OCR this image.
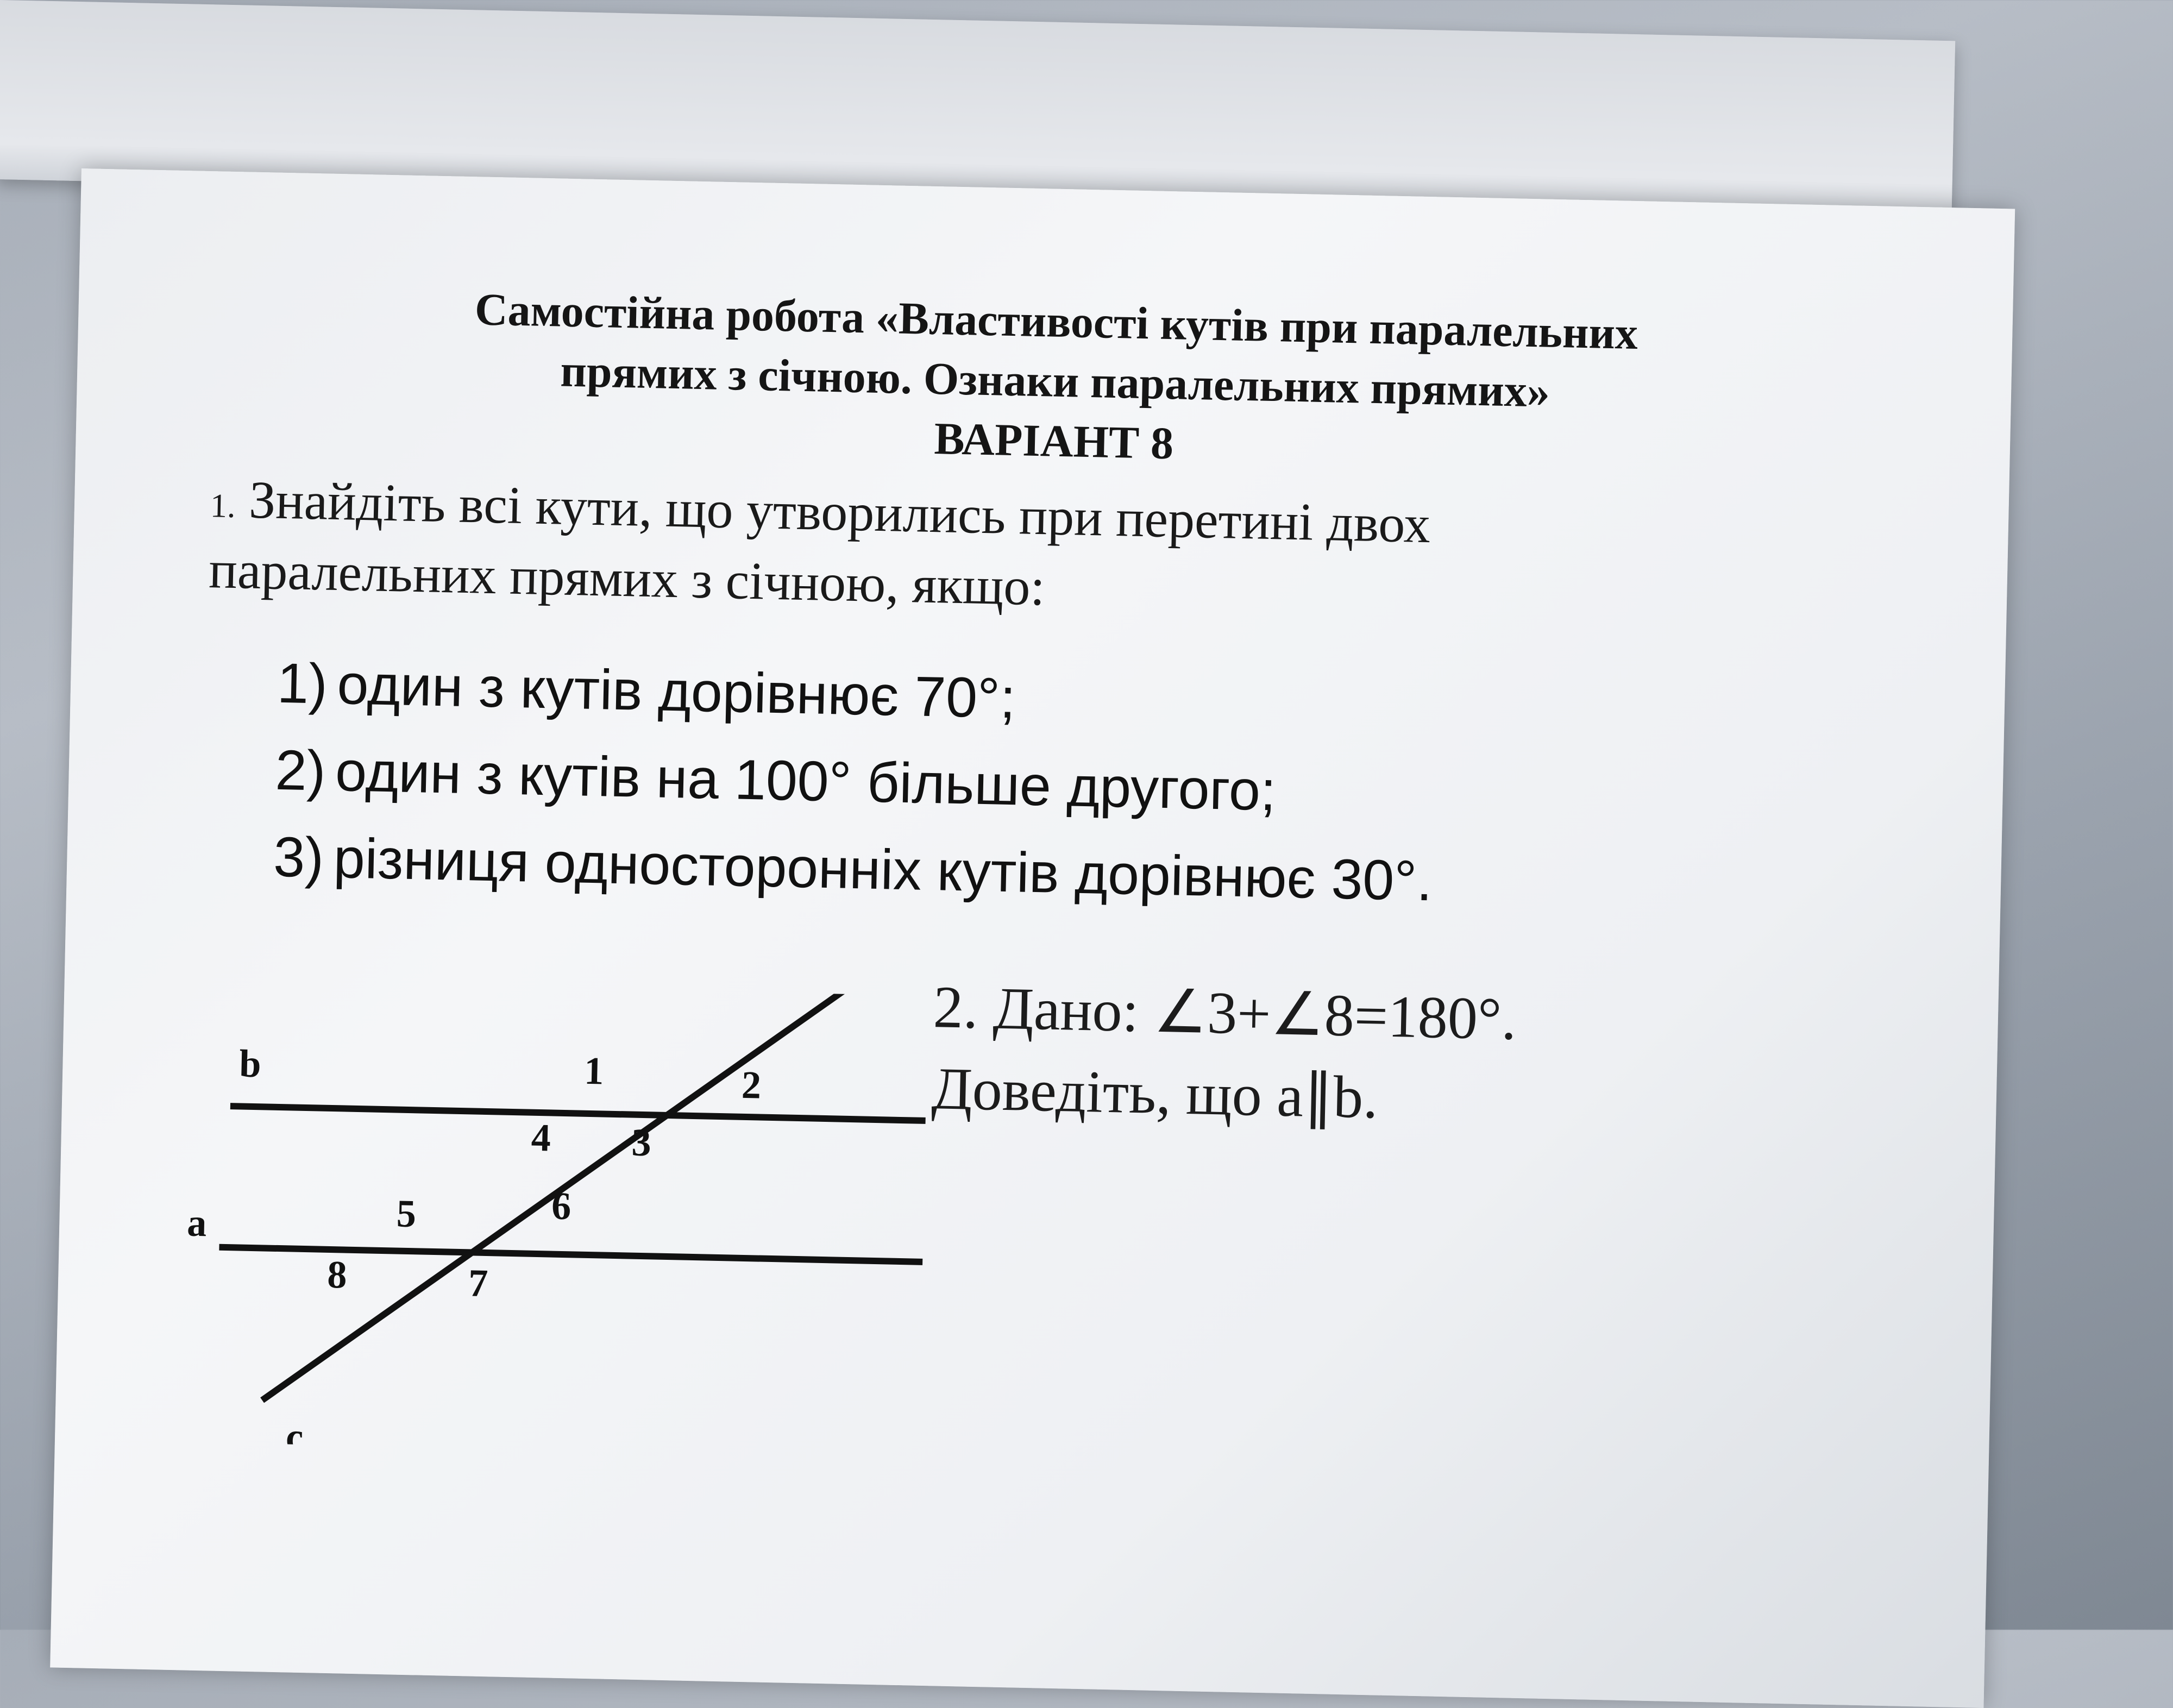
Самостійна робота «Властивості кутів при паралельних
прямих з січною. Ознаки паралельних прямих»
ВАРІАНТ 8
1. Знайдіть всі кути, що утворились при перетині двох
паралельних прямих з січною, якщо:
1) один з кутів дорівнює 70°;
2) один з кутів на 100° більше другого;
3) різниця односторонніх кутів дорівнює 30°.
b
a
c
1	2
3
4
5	6
7
8
2. Дано: ∠3+∠8=180°.
Доведіть, що a∥b.
